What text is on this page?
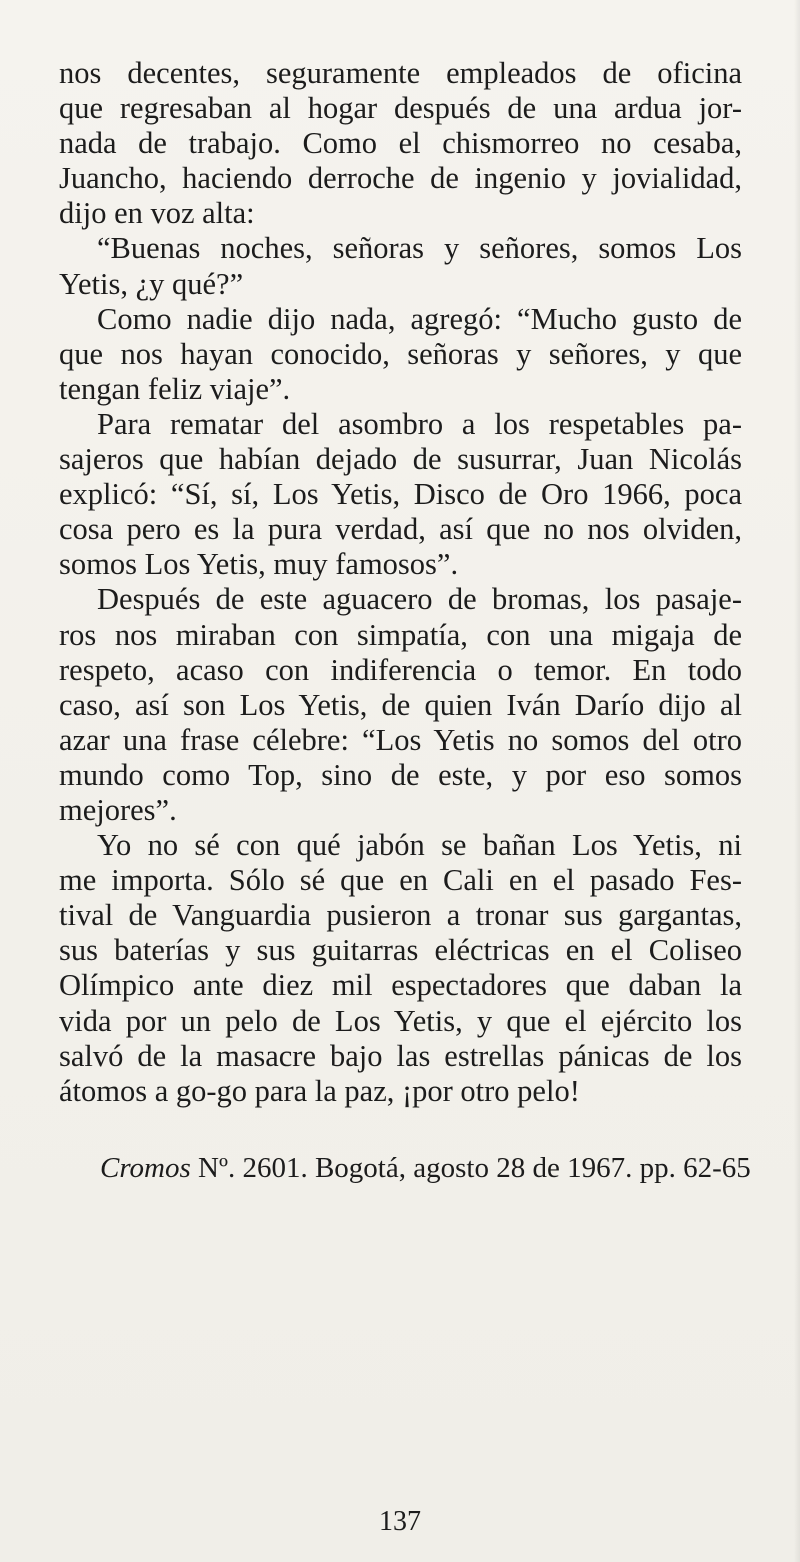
nos decentes, seguramente empleados de oficina
que regresaban al hogar después de una ardua jor-
nada de trabajo. Como el chismorreo no cesaba,
Juancho, haciendo derroche de ingenio y jovialidad,
dijo en voz alta:

“Buenas noches, señoras y señores, somos Los
Yetis, ¿y qué?”

Como nadie dijo nada, agregó: “Mucho gusto de
que nos hayan conocido, señoras y señores, y que
tengan feliz viaje”.

Para rematar del asombro a los respetables pa-
sajeros que habían dejado de susurrar, Juan Nicolás
explicó: “Sí, sí, Los Yetis, Disco de Oro 1966, poca
cosa pero es la pura verdad, así que no nos olviden,
somos Los Yetis, muy famosos”.

Después de este aguacero de bromas, los pasaje-
ros nos miraban con simpatía, con una migaja de
respeto, acaso con indiferencia o temor. En todo
caso, así son Los Yetis, de quien Iván Darío dijo al
azar una frase célebre: “Los Yetis no somos del otro
mundo como Top, sino de este, y por eso somos
mejores”.

Yo no sé con qué jabón se bañan Los Yetis, ni
me importa. Sólo sé que en Cali en el pasado Fes-
tival de Vanguardia pusieron a tronar sus gargantas,
sus baterías y sus guitarras eléctricas en el Coliseo
Olímpico ante diez mil espectadores que daban la
vida por un pelo de Los Yetis, y que el ejército los
salvó de la masacre bajo las estrellas pánicas de los
átomos a go-go para la paz, ¡por otro pelo!

Cromos Nº. 2601. Bogotá, agosto 28 de 1967. pp. 62-65
137
